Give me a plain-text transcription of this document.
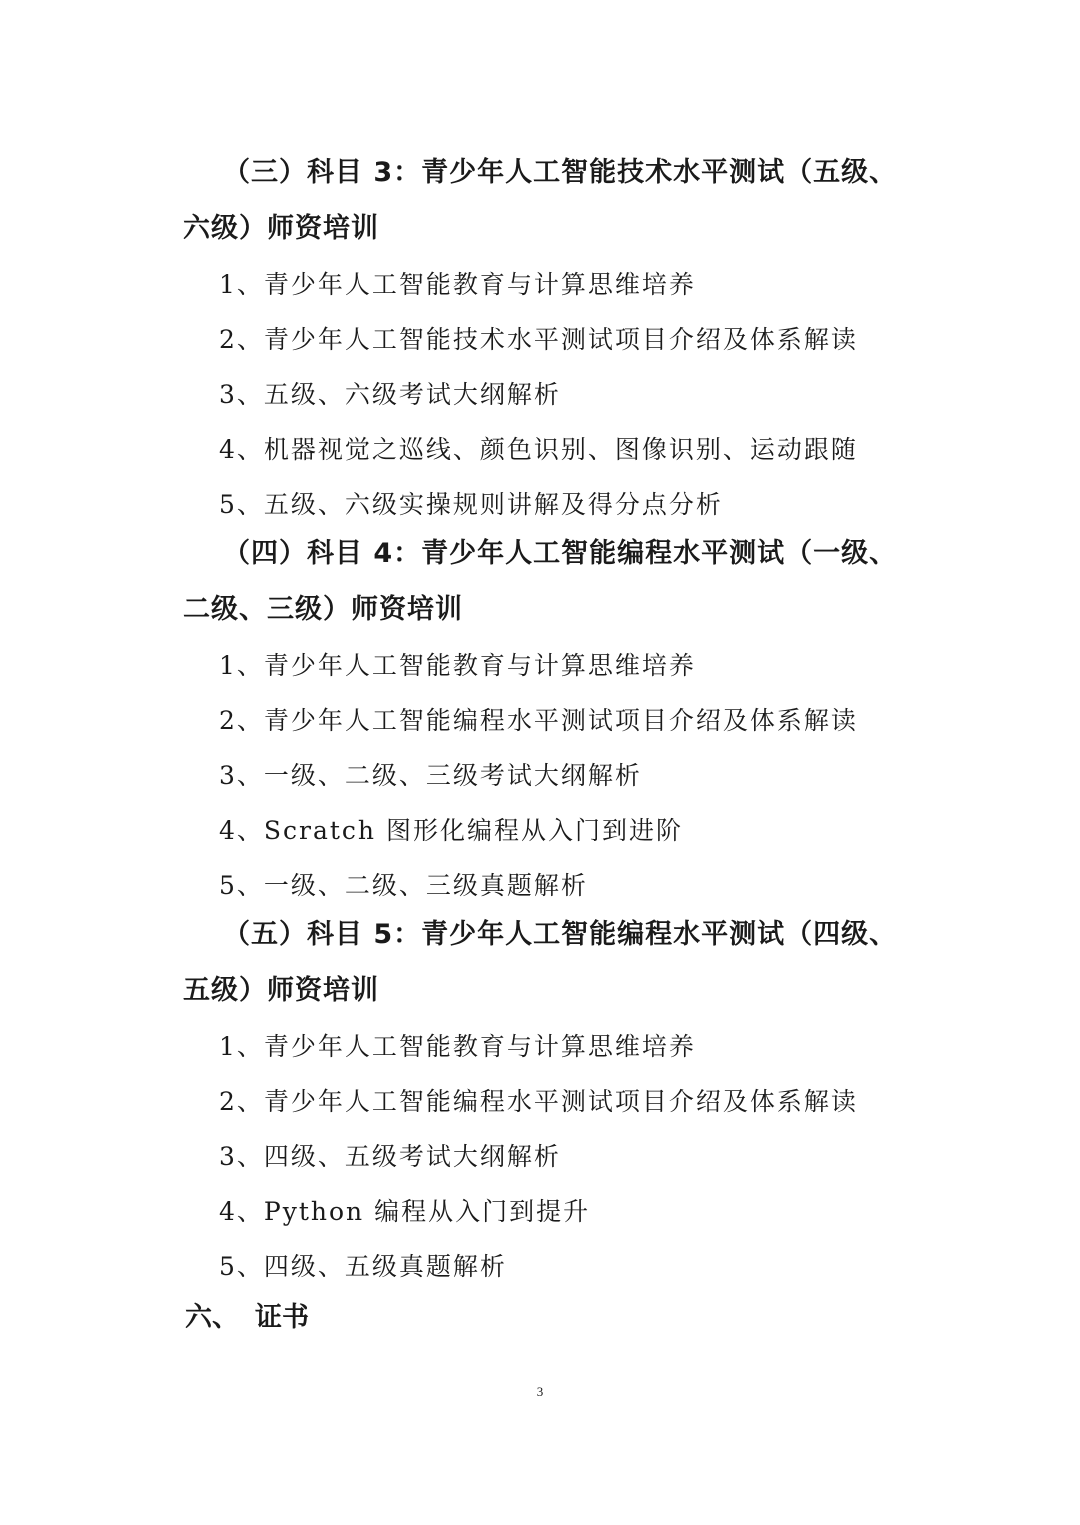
（三）科目 3：青少年人工智能技术水平测试（五级、六级）师资培训

1、青少年人工智能教育与计算思维培养

2、青少年人工智能技术水平测试项目介绍及体系解读

3、五级、六级考试大纲解析

4、机器视觉之巡线、颜色识别、图像识别、运动跟随

5、五级、六级实操规则讲解及得分点分析

（四）科目 4：青少年人工智能编程水平测试（一级、二级、三级）师资培训

1、青少年人工智能教育与计算思维培养

2、青少年人工智能编程水平测试项目介绍及体系解读

3、一级、二级、三级考试大纲解析

4、Scratch 图形化编程从入门到进阶

5、一级、二级、三级真题解析

（五）科目 5：青少年人工智能编程水平测试（四级、五级）师资培训

1、青少年人工智能教育与计算思维培养

2、青少年人工智能编程水平测试项目介绍及体系解读

3、四级、五级考试大纲解析

4、Python 编程从入门到提升

5、四级、五级真题解析

六、 证书
3
